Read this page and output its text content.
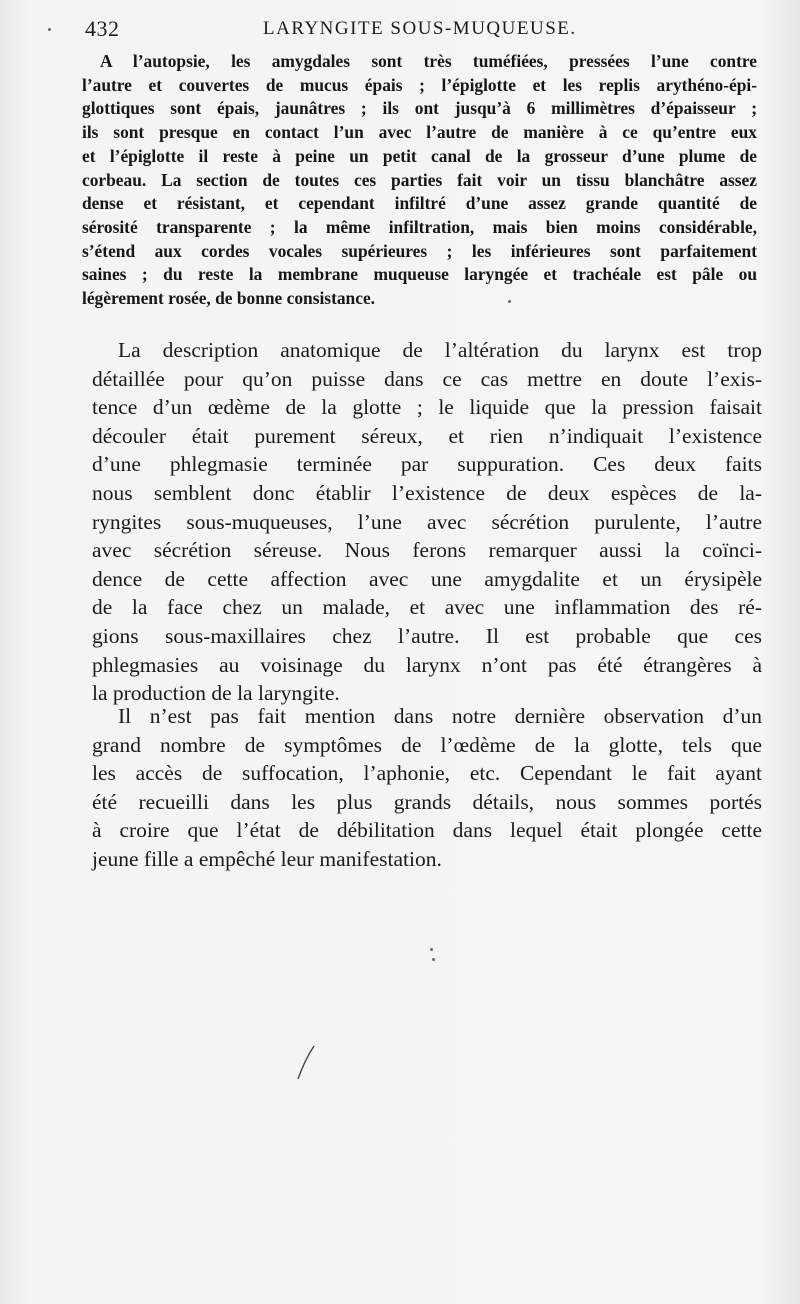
432	LARYNGITE SOUS-MUQUEUSE.
A l’autopsie, les amygdales sont très tuméfiées, pressées l’une contre
l’autre et couvertes de mucus épais ; l’épiglotte et les replis arythéno-épi-
glottiques sont épais, jaunâtres ; ils ont jusqu’à 6 millimètres d’épaisseur ;
ils sont presque en contact l’un avec l’autre de manière à ce qu’entre eux
et l’épiglotte il reste à peine un petit canal de la grosseur d’une plume de
corbeau. La section de toutes ces parties fait voir un tissu blanchâtre assez
dense et résistant, et cependant infiltré d’une assez grande quantité de
sérosité transparente ; la même infiltration, mais bien moins considérable,
s’étend aux cordes vocales supérieures ; les inférieures sont parfaitement
saines ; du reste la membrane muqueuse laryngée et trachéale est pâle ou
légèrement rosée, de bonne consistance.
La description anatomique de l’altération du larynx est trop
détaillée pour qu’on puisse dans ce cas mettre en doute l’exis-
tence d’un œdème de la glotte ; le liquide que la pression faisait
découler était purement séreux, et rien n’indiquait l’existence
d’une phlegmasie terminée par suppuration. Ces deux faits
nous semblent donc établir l’existence de deux espèces de la-
ryngites sous-muqueuses, l’une avec sécrétion purulente, l’autre
avec sécrétion séreuse. Nous ferons remarquer aussi la coïnci-
dence de cette affection avec une amygdalite et un érysipèle
de la face chez un malade, et avec une inflammation des ré-
gions sous-maxillaires chez l’autre. Il est probable que ces
phlegmasies au voisinage du larynx n’ont pas été étrangères à
la production de la laryngite.
Il n’est pas fait mention dans notre dernière observation d’un
grand nombre de symptômes de l’œdème de la glotte, tels que
les accès de suffocation, l’aphonie, etc. Cependant le fait ayant
été recueilli dans les plus grands détails, nous sommes portés
à croire que l’état de débilitation dans lequel était plongée cette
jeune fille a empêché leur manifestation.
